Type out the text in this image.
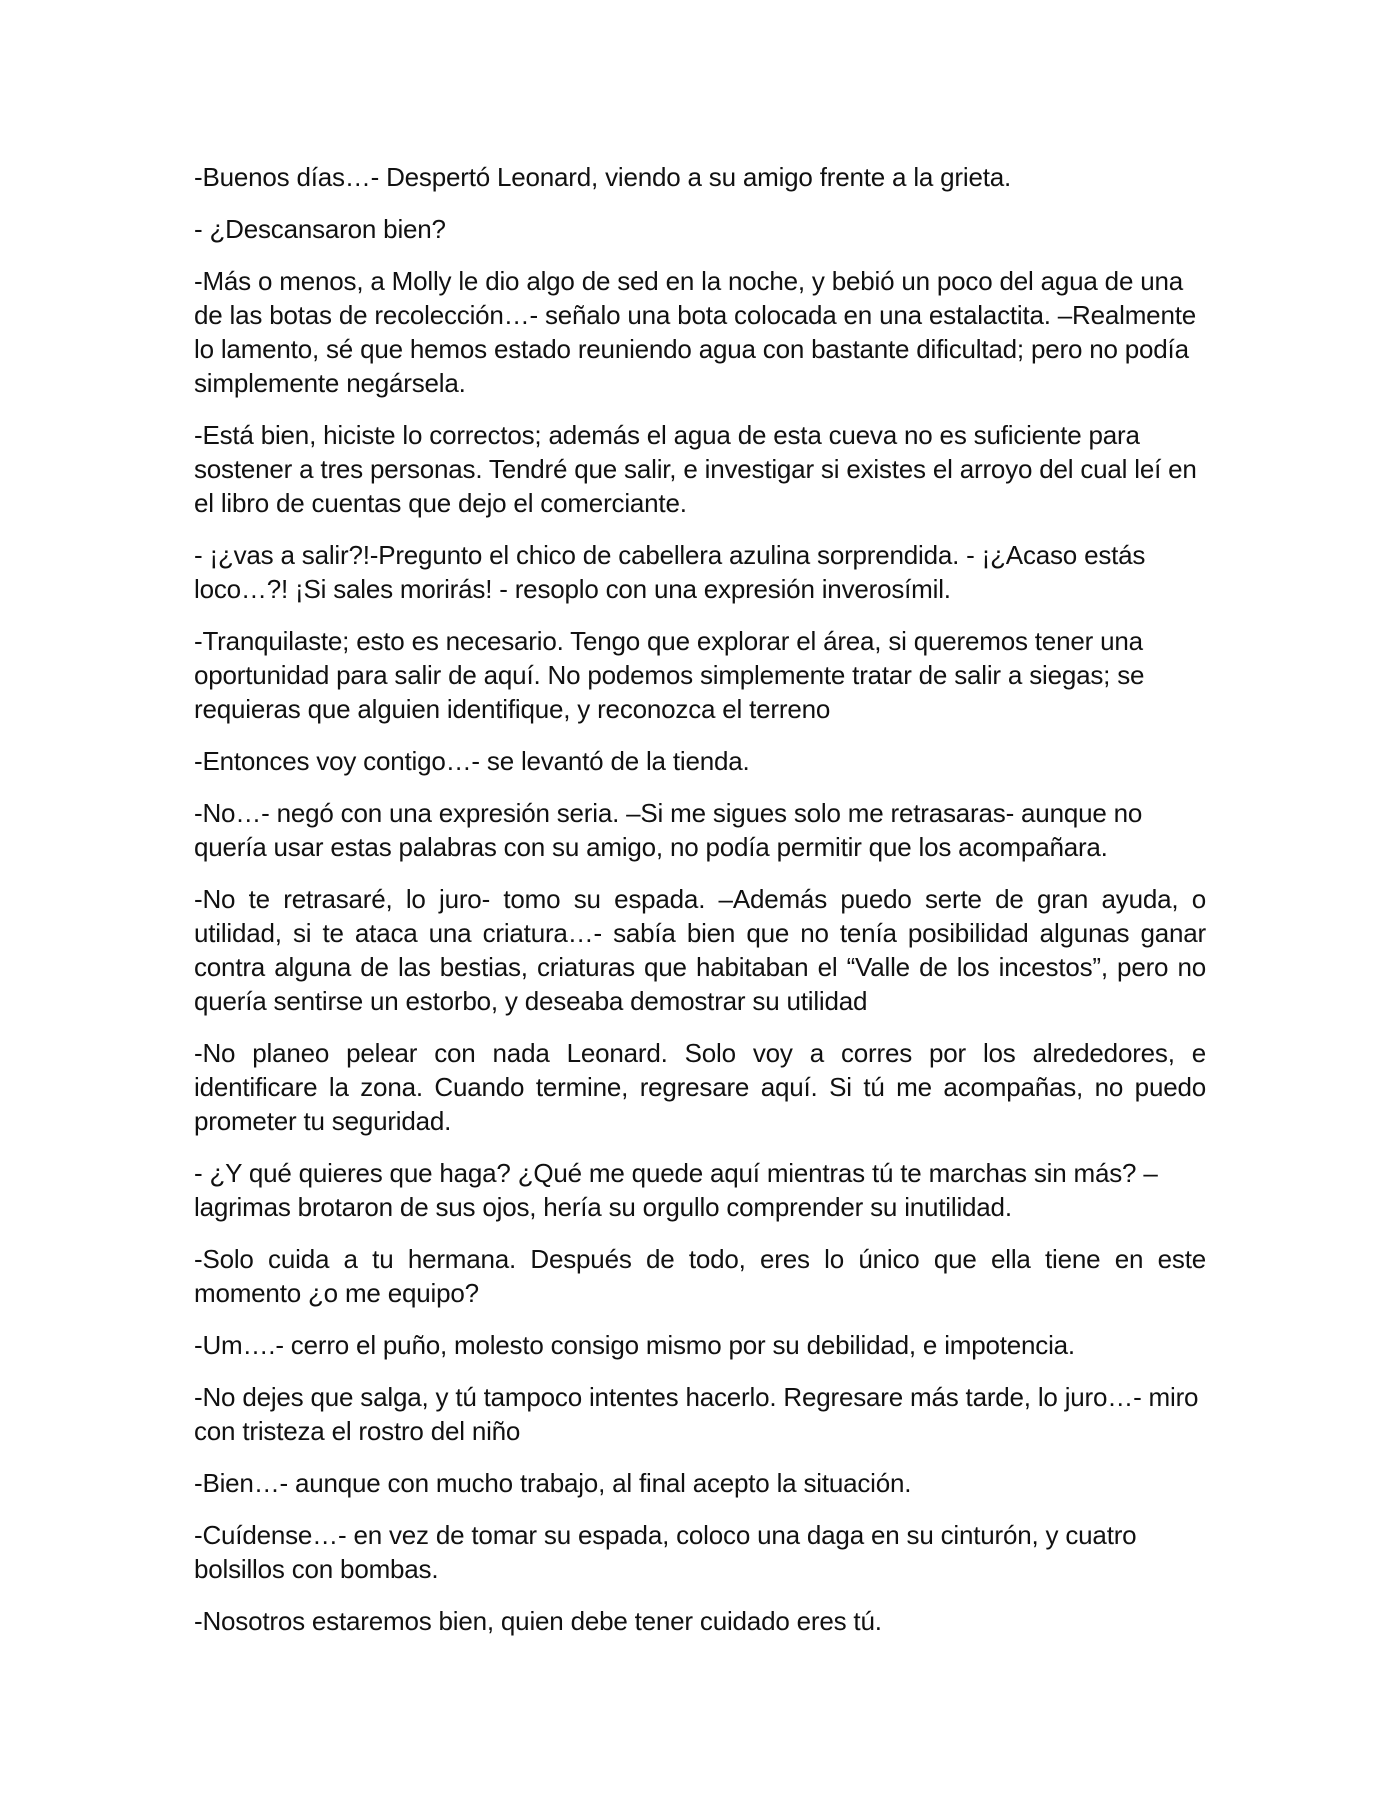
-Buenos días…- Despertó Leonard, viendo a su amigo frente a la grieta.

- ¿Descansaron bien?

-Más o menos, a Molly le dio algo de sed en la noche, y bebió un poco del agua de una de las botas de recolección…- señalo una bota colocada en una estalactita. –Realmente lo lamento, sé que hemos estado reuniendo agua con bastante dificultad; pero no podía simplemente negársela.

-Está bien, hiciste lo correctos; además el agua de esta cueva no es suficiente para sostener a tres personas. Tendré que salir, e investigar si existes el arroyo del cual leí en el libro de cuentas que dejo el comerciante.

- ¡¿vas a salir?!-Pregunto el chico de cabellera azulina sorprendida. - ¡¿Acaso estás loco…?! ¡Si sales morirás! - resoplo con una expresión inverosímil.

-Tranquilaste; esto es necesario. Tengo que explorar el área, si queremos tener una oportunidad para salir de aquí. No podemos simplemente tratar de salir a siegas; se requieras que alguien identifique, y reconozca el terreno

-Entonces voy contigo…- se levantó de la tienda.

-No…- negó con una expresión seria. –Si me sigues solo me retrasaras- aunque no quería usar estas palabras con su amigo, no podía permitir que los acompañara.

-No te retrasaré, lo juro- tomo su espada. –Además puedo serte de gran ayuda, o utilidad, si te ataca una criatura…- sabía bien que no tenía posibilidad algunas ganar contra alguna de las bestias, criaturas que habitaban el “Valle de los incestos”, pero no quería sentirse un estorbo, y deseaba demostrar su utilidad

-No planeo pelear con nada Leonard. Solo voy a corres por los alrededores, e identificare la zona. Cuando termine, regresare aquí. Si tú me acompañas, no puedo prometer tu seguridad.

- ¿Y qué quieres que haga? ¿Qué me quede aquí mientras tú te marchas sin más? – lagrimas brotaron de sus ojos, hería su orgullo comprender su inutilidad.

-Solo cuida a tu hermana. Después de todo, eres lo único que ella tiene en este momento ¿o me equipo?

-Um….- cerro el puño, molesto consigo mismo por su debilidad, e impotencia.

-No dejes que salga, y tú tampoco intentes hacerlo. Regresare más tarde, lo juro…- miro con tristeza el rostro del niño

-Bien…- aunque con mucho trabajo, al final acepto la situación.

-Cuídense…- en vez de tomar su espada, coloco una daga en su cinturón, y cuatro bolsillos con bombas.

-Nosotros estaremos bien, quien debe tener cuidado eres tú.
